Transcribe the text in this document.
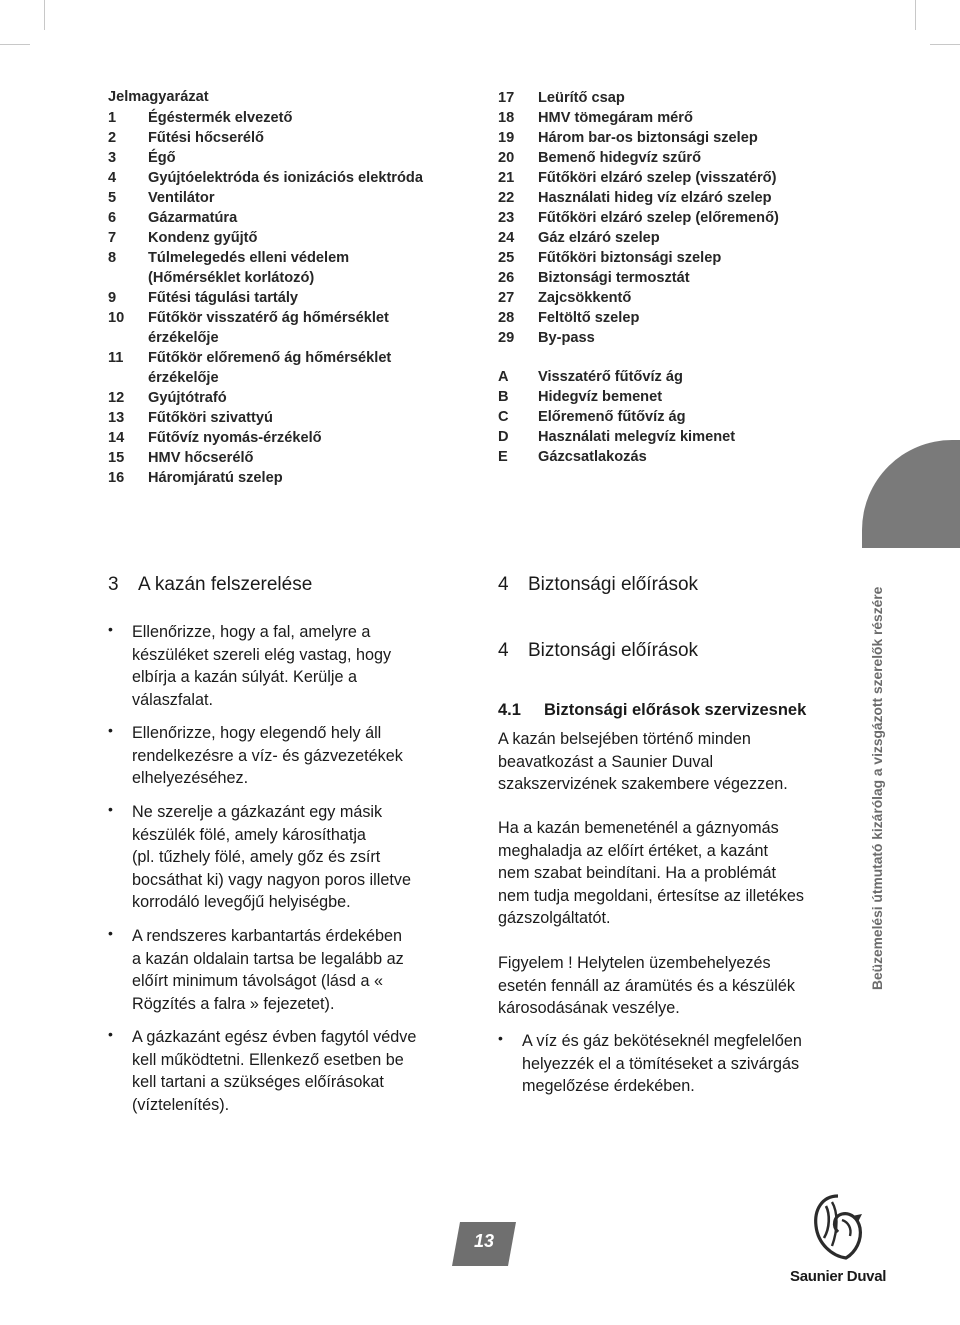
Jelmagyarázat
1	Égéstermék elvezető
2	Fűtési hőcserélő
3	Égő
4	Gyújtóelektróda és ionizációs elektróda
5	Ventilátor
6	Gázarmatúra
7	Kondenz gyűjtő
8	Túlmelegedés elleni védelem
(Hőmérséklet korlátozó)
9	Fűtési tágulási tartály
10	Fűtőkör visszatérő ág hőmérséklet
érzékelője
11	Fűtőkör előremenő ág hőmérséklet
érzékelője
12	Gyújtótrafó
13	Fűtőköri szivattyú
14	Fűtővíz nyomás-érzékelő
15	HMV hőcserélő
16	Háromjáratú szelep
17	Leürítő csap
18	HMV tömegáram mérő
19	Három bar-os biztonsági szelep
20	Bemenő hidegvíz szűrő
21	Fűtőköri elzáró szelep (visszatérő)
22	Használati hideg víz elzáró szelep
23	Fűtőköri elzáró szelep (előremenő)
24	Gáz elzáró szelep
25	Fűtőköri biztonsági szelep
26	Biztonsági termosztát
27	Zajcsökkentő
28	Feltöltő szelep
29	By-pass
A	Visszatérő fűtővíz ág
B	Hidegvíz bemenet
C	Előremenő fűtővíz ág
D	Használati melegvíz kimenet
E	Gázcsatlakozás
Beüzemelési útmutató kizárólag a vizsgázott szerelők részére
3 A kazán felszerelése
• Ellenőrizze, hogy a fal, amelyre a
készüléket szereli elég vastag, hogy
elbírja a kazán súlyát. Kerülje a
válaszfalat.
• Ellenőrizze, hogy elegendő hely áll
rendelkezésre a víz- és gázvezetékek
elhelyezéséhez.
• Ne szerelje a gázkazánt egy másik
készülék fölé, amely károsíthatja
(pl. tűzhely fölé, amely gőz és zsírt
bocsáthat ki) vagy nagyon poros illetve
korrodáló levegőjű helyiségbe.
• A rendszeres karbantartás érdekében
a kazán oldalain tartsa be legalább az
előírt minimum távolságot (lásd a «
Rögzítés a falra » fejezetet).
• A gázkazánt egész évben fagytól védve
kell működtetni. Ellenkező esetben be
kell tartani a szükséges előírásokat
(víztelenítés).
4 Biztonsági előírások
4 Biztonsági előírások
4.1 Biztonsági előrások szervizesnek
A kazán belsejében történő minden
beavatkozást a Saunier Duval
szakszervizének szakembere végezzen.
Ha a kazán bemeneténél a gáznyomás
meghaladja az előírt értéket, a kazánt
nem szabat beindítani. Ha a problémát
nem tudja megoldani, értesítse az illetékes
gázszolgáltatót.
Figyelem ! Helytelen üzembehelyezés
esetén fennáll az áramütés és a készülék
károsodásának veszélye.
• A víz és gáz bekötéseknél megfelelően
helyezzék el a tömítéseket a szivárgás
megelőzése érdekében.
13
Saunier Duval
